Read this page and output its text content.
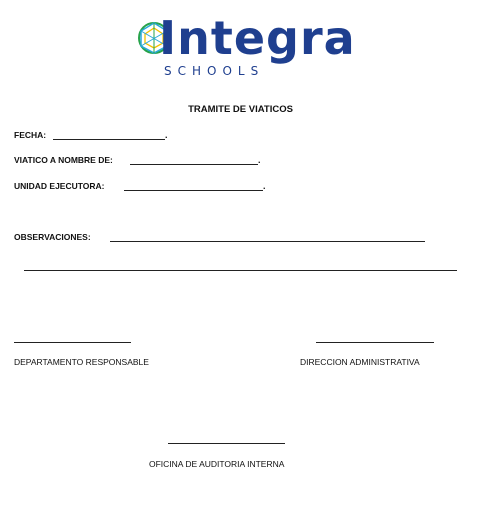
Integra
SCHOOLS
TRAMITE DE VIATICOS
FECHA:	.
VIATICO A NOMBRE DE:	.
UNIDAD EJECUTORA:	.
OBSERVACIONES:
DEPARTAMENTO RESPONSABLE	DIRECCION ADMINISTRATIVA
OFICINA DE AUDITORIA INTERNA
